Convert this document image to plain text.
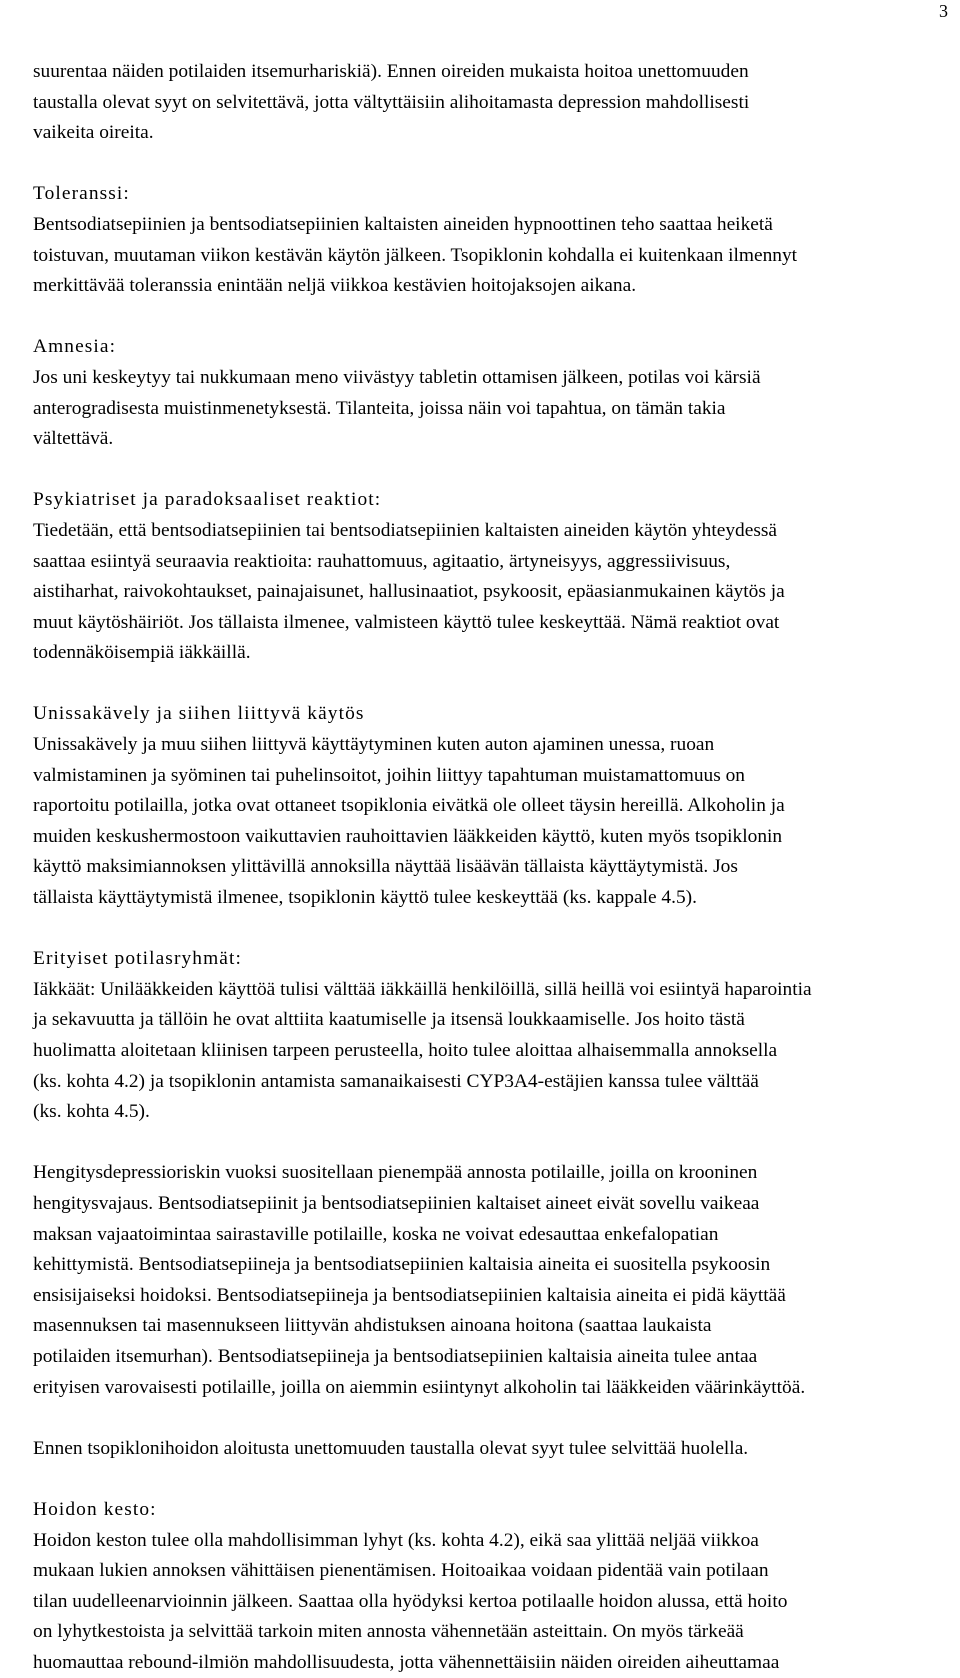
3
suurentaa näiden potilaiden itsemurhariskiä). Ennen oireiden mukaista hoitoa unettomuuden
taustalla olevat syyt on selvitettävä, jotta vältyttäisiin alihoitamasta depression mahdollisesti
vaikeita oireita.
Toleranssi:
Bentsodiatsepiinien ja bentsodiatsepiinien kaltaisten aineiden hypnoottinen teho saattaa heiketä
toistuvan, muutaman viikon kestävän käytön jälkeen. Tsopiklonin kohdalla ei kuitenkaan ilmennyt
merkittävää toleranssia enintään neljä viikkoa kestävien hoitojaksojen aikana.
Amnesia:
Jos uni keskeytyy tai nukkumaan meno viivästyy tabletin ottamisen jälkeen, potilas voi kärsiä
anterogradisesta muistinmenetyksestä. Tilanteita, joissa näin voi tapahtua, on tämän takia
vältettävä.
Psykiatriset ja paradoksaaliset reaktiot:
Tiedetään, että bentsodiatsepiinien tai bentsodiatsepiinien kaltaisten aineiden käytön yhteydessä
saattaa esiintyä seuraavia reaktioita: rauhattomuus, agitaatio, ärtyneisyys, aggressiivisuus,
aistiharhat, raivokohtaukset, painajaisunet, hallusinaatiot, psykoosit, epäasianmukainen käytös ja
muut käytöshäiriöt. Jos tällaista ilmenee, valmisteen käyttö tulee keskeyttää. Nämä reaktiot ovat
todennäköisempiä iäkkäillä.
Unissakävely ja siihen liittyvä käytös
Unissakävely ja muu siihen liittyvä käyttäytyminen kuten auton ajaminen unessa, ruoan
valmistaminen ja syöminen tai puhelinsoitot, joihin liittyy tapahtuman muistamattomuus on
raportoitu potilailla, jotka ovat ottaneet tsopiklonia eivätkä ole olleet täysin hereillä. Alkoholin ja
muiden keskushermostoon vaikuttavien rauhoittavien lääkkeiden käyttö, kuten myös tsopiklonin
käyttö maksimiannoksen ylittävillä annoksilla näyttää lisäävän tällaista käyttäytymistä. Jos
tällaista käyttäytymistä ilmenee, tsopiklonin käyttö tulee keskeyttää (ks. kappale 4.5).
Erityiset potilasryhmät:
Iäkkäät: Unilääkkeiden käyttöä tulisi välttää iäkkäillä henkilöillä, sillä heillä voi esiintyä haparointia
ja sekavuutta ja tällöin he ovat alttiita kaatumiselle ja itsensä loukkaamiselle. Jos hoito tästä
huolimatta aloitetaan kliinisen tarpeen perusteella, hoito tulee aloittaa alhaisemmalla annoksella
(ks. kohta 4.2) ja tsopiklonin antamista samanaikaisesti CYP3A4-estäjien kanssa tulee välttää
(ks. kohta 4.5).
Hengitysdepressioriskin vuoksi suositellaan pienempää annosta potilaille, joilla on krooninen
hengitysvajaus. Bentsodiatsepiinit ja bentsodiatsepiinien kaltaiset aineet eivät sovellu vaikeaa
maksan vajaatoimintaa sairastaville potilaille, koska ne voivat edesauttaa enkefalopatian
kehittymistä. Bentsodiatsepiineja ja bentsodiatsepiinien kaltaisia aineita ei suositella psykoosin
ensisijaiseksi hoidoksi. Bentsodiatsepiineja ja bentsodiatsepiinien kaltaisia aineita ei pidä käyttää
masennuksen tai masennukseen liittyvän ahdistuksen ainoana hoitona (saattaa laukaista
potilaiden itsemurhan). Bentsodiatsepiineja ja bentsodiatsepiinien kaltaisia aineita tulee antaa
erityisen varovaisesti potilaille, joilla on aiemmin esiintynyt alkoholin tai lääkkeiden väärinkäyttöä.
Ennen tsopiklonihoidon aloitusta unettomuuden taustalla olevat syyt tulee selvittää huolella.
Hoidon kesto:
Hoidon keston tulee olla mahdollisimman lyhyt (ks. kohta 4.2), eikä saa ylittää neljää viikkoa
mukaan lukien annoksen vähittäisen pienentämisen. Hoitoaikaa voidaan pidentää vain potilaan
tilan uudelleenarvioinnin jälkeen. Saattaa olla hyödyksi kertoa potilaalle hoidon alussa, että hoito
on lyhytkestoista ja selvittää tarkoin miten annosta vähennetään asteittain. On myös tärkeää
huomauttaa rebound-ilmiön mahdollisuudesta, jotta vähennettäisiin näiden oireiden aiheuttamaa
